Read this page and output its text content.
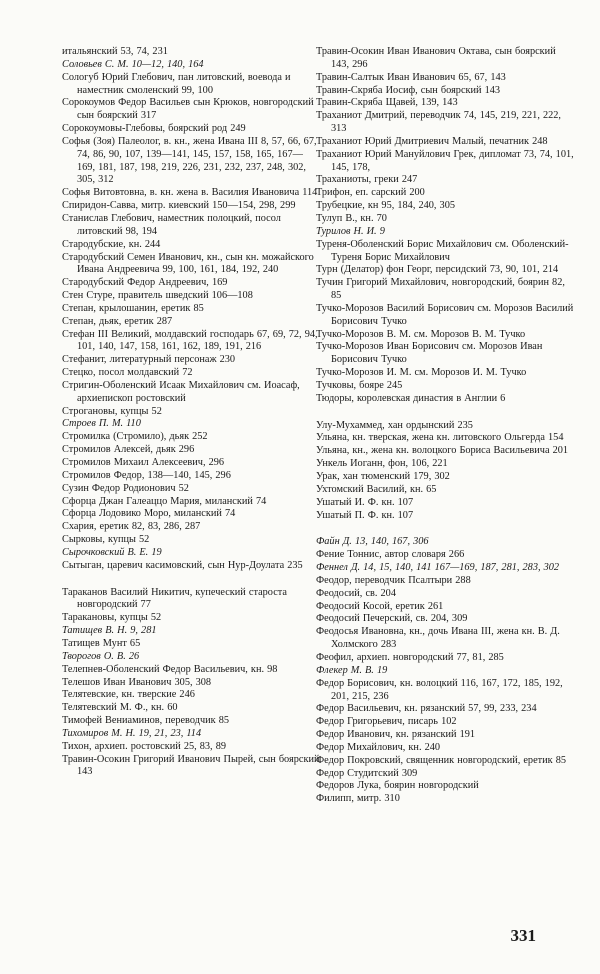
итальянский 53, 74, 231
Соловьев С. М. 10—12, 140, 164
Сологуб Юрий Глебович, пан литовский, воевода и наместник смоленский 99, 100
Сорокоумов Федор Васильев сын Крюков, новгородский сын боярский 317
Сорокоумовы-Глебовы, боярский род 249
Софья (Зоя) Палеолог, в. кн., жена Ивана III 8, 57, 66, 67, 74, 86, 90, 107, 139—141, 145, 157, 158, 165, 167—169, 181, 187, 198, 219, 226, 231, 232, 237, 248, 302, 305, 312
Софья Витовтовна, в. кн. жена в. Василия Ивановича 114
Спиридон-Савва, митр. киевский 150—154, 298, 299
Станислав Глебович, наместник полоцкий, посол литовский 98, 194
Стародубские, кн. 244
Стародубский Семен Иванович, кн., сын кн. можайского Ивана Андреевича 99, 100, 161, 184, 192, 240
Стародубский Федор Андреевич, 169
Стен Стуре, правитель шведский 106—108
Степан, крылошанин, еретик 85
Степан, дьяк, еретик 287
Стефан III Великий, молдавский господарь 67, 69, 72, 94, 101, 140, 147, 158, 161, 162, 189, 191, 216
Стефанит, литературный персонаж 230
Стецко, посол молдавский 72
Стригин-Оболенский Исаак Михайлович см. Иоасаф, архиепископ ростовский
Строгановы, купцы 52
Строев П. М. 110
Стромилка (Стромило), дьяк 252
Стромилов Алексей, дьяк 296
Стромилов Михаил Алексеевич, 296
Стромилов Федор, 138—140, 145, 296
Сузин Федор Родионович 52
Сфорца Джан Галеаццо Мария, миланский 74
Сфорца Лодовико Моро, миланский 74
Схария, еретик 82, 83, 286, 287
Сырковы, купцы 52
Сырочковский В. Е. 19
Сытыган, царевич касимовский, сын Нур-Доулата 235
Тараканов Василий Никитич, купеческий староста новгородский 77
Таракановы, купцы 52
Татищев В. Н. 9, 281
Татищев Мунт 65
Творогов О. В. 26
Телепнев-Оболенский Федор Васильевич, кн. 98
Телешов Иван Иванович 305, 308
Телятевские, кн. тверские 246
Телятевский М. Ф., кн. 60
Тимофей Вениаминов, переводчик 85
Тихомиров М. Н. 19, 21, 23, 114
Тихон, архиеп. ростовский 25, 83, 89
Травин-Осокин Григорий Иванович Пырей, сын боярский 143
Травин-Осокин Иван Иванович Октава, сын боярский 143, 296
Травин-Салтык Иван Иванович 65, 67, 143
Травин-Скряба Иосиф, сын боярский 143
Травин-Скряба Щавей, 139, 143
Траханиот Дмитрий, переводчик 74, 145, 219, 221, 222, 313
Траханиот Юрий Дмитриевич Малый, печатник 248
Траханиот Юрий Мануйлович Грек, дипломат 73, 74, 101, 145, 178,
Траханиоты, греки 247
Трифон, еп. сарский 200
Трубецкие, кн 95, 184, 240, 305
Тулуп В., кн. 70
Турилов Н. И. 9
Туреня-Оболенский Борис Михайлович см. Оболенский-Туреня Борис Михайлович
Турн (Делатор) фон Георг, персидский 73, 90, 101, 214
Тучин Григорий Михайлович, новгородский, боярин 82, 85
Тучко-Морозов Василий Борисович см. Морозов Василий Борисович Тучко
Тучко-Морозов В. М. см. Морозов В. М. Тучко
Тучко-Морозов Иван Борисович см. Морозов Иван Борисович Тучко
Тучко-Морозов И. М. см. Морозов И. М. Тучко
Тучковы, бояре 245
Тюдоры, королевская династия в Англии 6
Улу-Мухаммед, хан ордынский 235
Ульяна, кн. тверская, жена кн. литовского Ольгерда 154
Ульяна, кн., жена кн. волоцкого Бориса Васильевича 201
Ункель Иоганн, фон, 106, 221
Урак, хан тюменский 179, 302
Ухтомский Василий, кн. 65
Ушатый И. Ф. кн. 107
Ушатый П. Ф. кн. 107
Файн Д. 13, 140, 167, 306
Фение Тоннис, автор словаря 266
Феннел Д. 14, 15, 140, 141 167—169, 187, 281, 283, 302
Феодор, переводчик Псалтыри 288
Феодосий, св. 204
Феодосий Косой, еретик 261
Феодосий Печерский, св. 204, 309
Феодосья Ивановна, кн., дочь Ивана III, жена кн. В. Д. Холмского 283
Феофил, архиеп. новгородский 77, 81, 285
Флекер М. В. 19
Федор Борисович, кн. волоцкий 116, 167, 172, 185, 192, 201, 215, 236
Федор Васильевич, кн. рязанский 57, 99, 233, 234
Федор Григорьевич, писарь 102
Федор Иванович, кн. рязанский 191
Федор Михайлович, кн. 240
Федор Покровский, священник новгородский, еретик 85
Федор Студитский 309
Федоров Лука, боярин новгородский
Филипп, митр. 310
331
